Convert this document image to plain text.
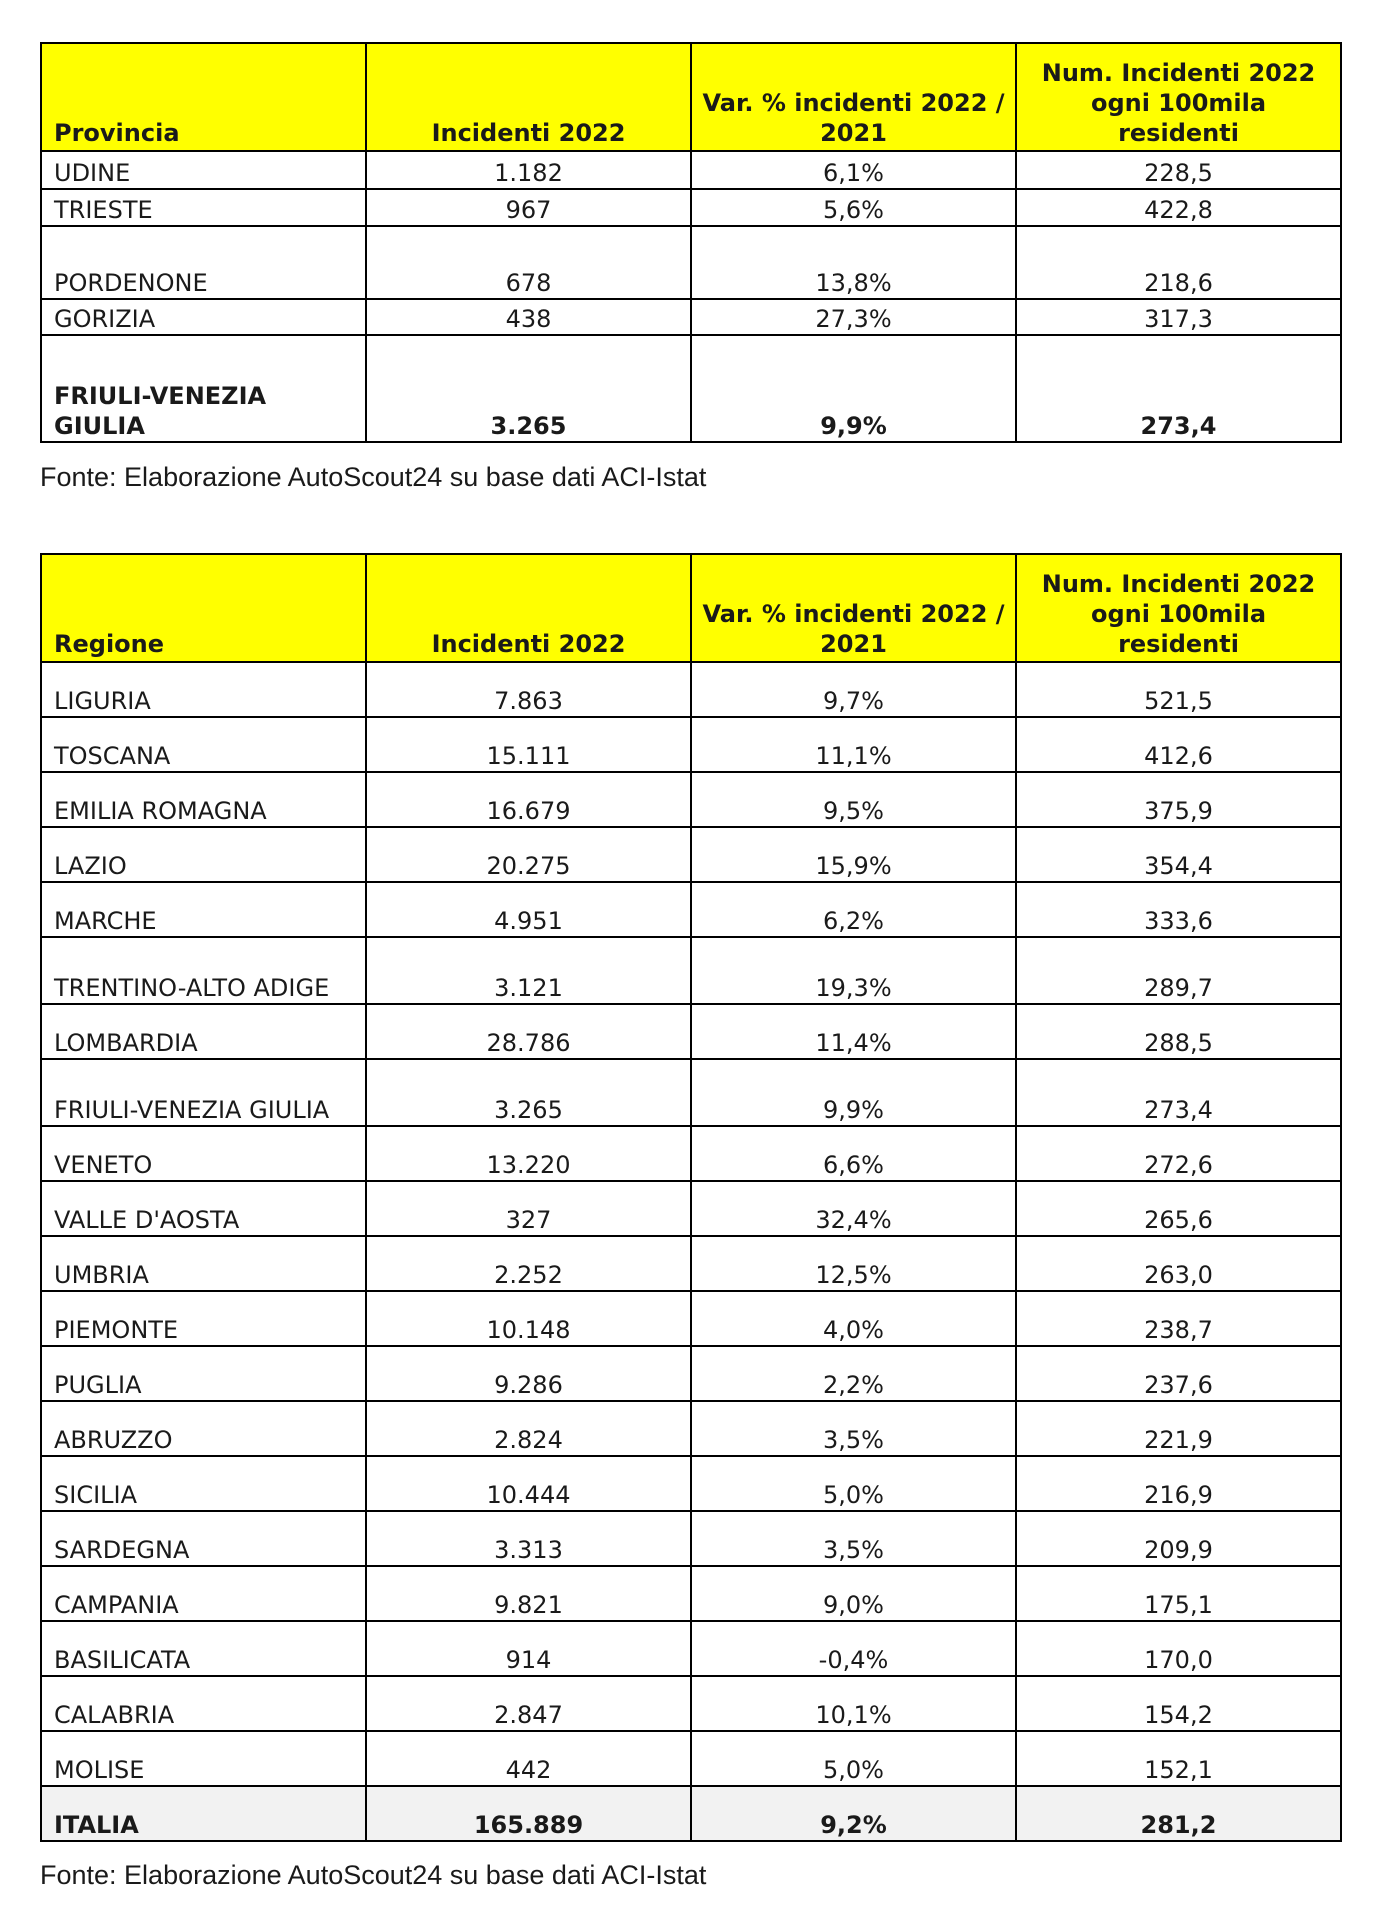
Provincia	Incidenti 2022	Var. % incidenti 2022 / 2021	Num. Incidenti 2022 ogni 100mila residenti
UDINE	1.182	6,1%	228,5
TRIESTE	967	5,6%	422,8
PORDENONE	678	13,8%	218,6
GORIZIA	438	27,3%	317,3
FRIULI-VENEZIA GIULIA	3.265	9,9%	273,4
Fonte: Elaborazione AutoScout24 su base dati ACI-Istat
Regione	Incidenti 2022	Var. % incidenti 2022 / 2021	Num. Incidenti 2022 ogni 100mila residenti
LIGURIA	7.863	9,7%	521,5
TOSCANA	15.111	11,1%	412,6
EMILIA ROMAGNA	16.679	9,5%	375,9
LAZIO	20.275	15,9%	354,4
MARCHE	4.951	6,2%	333,6
TRENTINO-ALTO ADIGE	3.121	19,3%	289,7
LOMBARDIA	28.786	11,4%	288,5
FRIULI-VENEZIA GIULIA	3.265	9,9%	273,4
VENETO	13.220	6,6%	272,6
VALLE D'AOSTA	327	32,4%	265,6
UMBRIA	2.252	12,5%	263,0
PIEMONTE	10.148	4,0%	238,7
PUGLIA	9.286	2,2%	237,6
ABRUZZO	2.824	3,5%	221,9
SICILIA	10.444	5,0%	216,9
SARDEGNA	3.313	3,5%	209,9
CAMPANIA	9.821	9,0%	175,1
BASILICATA	914	-0,4%	170,0
CALABRIA	2.847	10,1%	154,2
MOLISE	442	5,0%	152,1
ITALIA	165.889	9,2%	281,2
Fonte: Elaborazione AutoScout24 su base dati ACI-Istat
